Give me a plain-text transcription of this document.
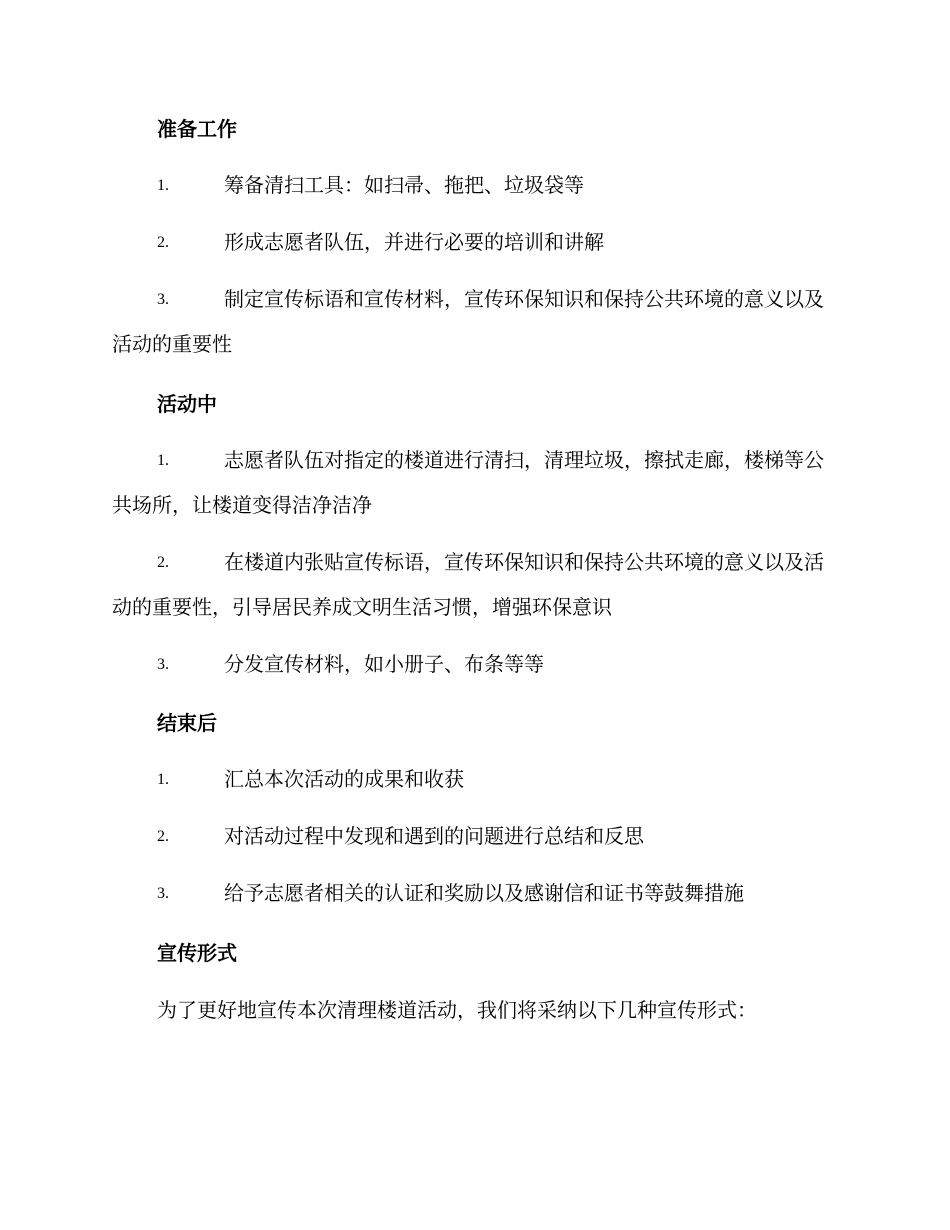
准备工作
1.	筹备清扫工具：如扫帚、拖把、垃圾袋等
2.	形成志愿者队伍，并进行必要的培训和讲解
3.	制定宣传标语和宣传材料，宣传环保知识和保持公共环境的意义以及活动的重要性
活动中
1.	志愿者队伍对指定的楼道进行清扫，清理垃圾，擦拭走廊，楼梯等公共场所，让楼道变得洁净洁净
2.	在楼道内张贴宣传标语，宣传环保知识和保持公共环境的意义以及活动的重要性，引导居民养成文明生活习惯，增强环保意识
3.	分发宣传材料，如小册子、布条等等
结束后
1.	汇总本次活动的成果和收获
2.	对活动过程中发现和遇到的问题进行总结和反思
3.	给予志愿者相关的认证和奖励以及感谢信和证书等鼓舞措施
宣传形式
为了更好地宣传本次清理楼道活动，我们将采纳以下几种宣传形式：
